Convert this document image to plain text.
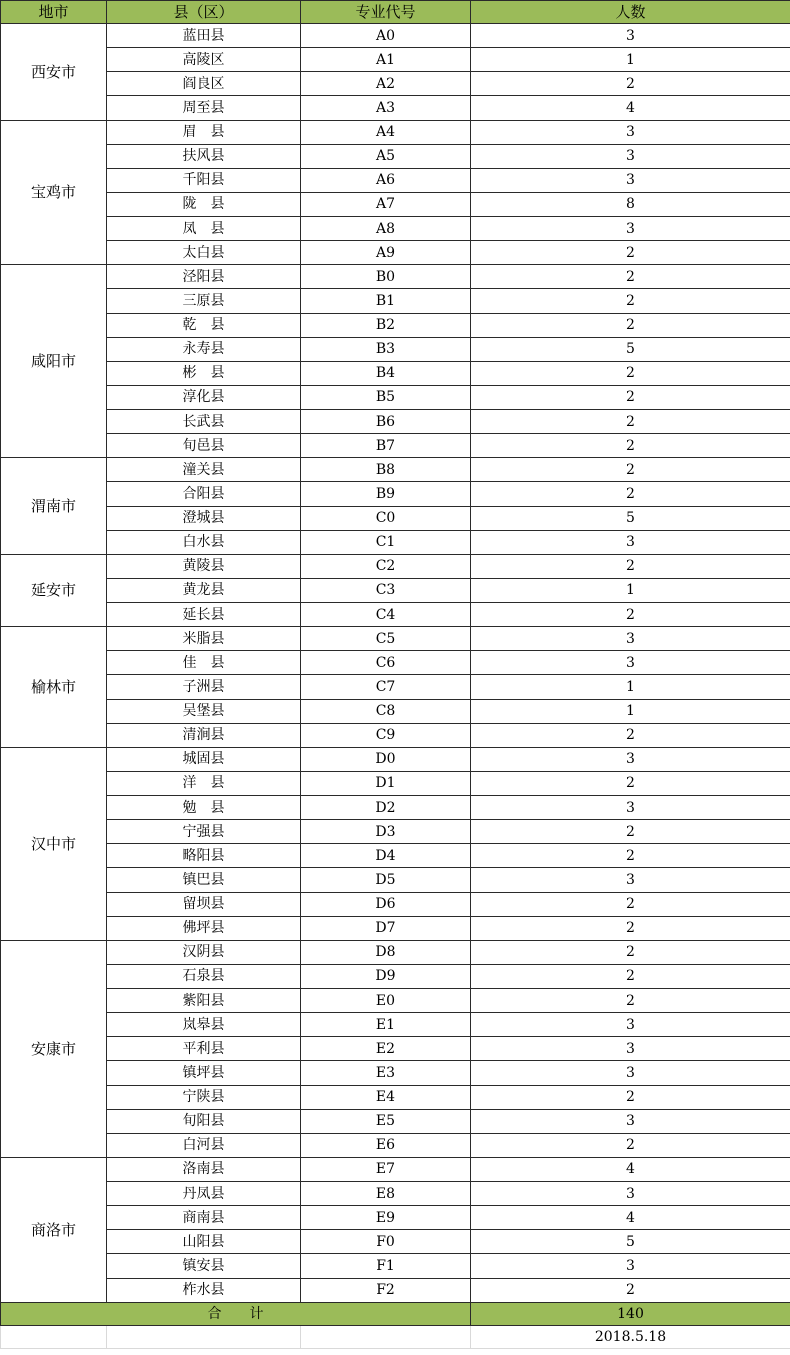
地市	县（区）	专业代号	人数
西安市	蓝田县	A0	3
	高陵区	A1	1
	阎良区	A2	2
	周至县	A3	4
宝鸡市	眉　县	A4	3
	扶风县	A5	3
	千阳县	A6	3
	陇　县	A7	8
	凤　县	A8	3
	太白县	A9	2
咸阳市	泾阳县	B0	2
	三原县	B1	2
	乾　县	B2	2
	永寿县	B3	5
	彬　县	B4	2
	淳化县	B5	2
	长武县	B6	2
	旬邑县	B7	2
渭南市	潼关县	B8	2
	合阳县	B9	2
	澄城县	C0	5
	白水县	C1	3
延安市	黄陵县	C2	2
	黄龙县	C3	1
	延长县	C4	2
榆林市	米脂县	C5	3
	佳　县	C6	3
	子洲县	C7	1
	吴堡县	C8	1
	清涧县	C9	2
汉中市	城固县	D0	3
	洋　县	D1	2
	勉　县	D2	3
	宁强县	D3	2
	略阳县	D4	2
	镇巴县	D5	3
	留坝县	D6	2
	佛坪县	D7	2
安康市	汉阴县	D8	2
	石泉县	D9	2
	紫阳县	E0	2
	岚皋县	E1	3
	平利县	E2	3
	镇坪县	E3	3
	宁陕县	E4	2
	旬阳县	E5	3
	白河县	E6	2
商洛市	洛南县	E7	4
	丹凤县	E8	3
	商南县	E9	4
	山阳县	F0	5
	镇安县	F1	3
	柞水县	F2	2
合　　计			140
			2018.5.18
